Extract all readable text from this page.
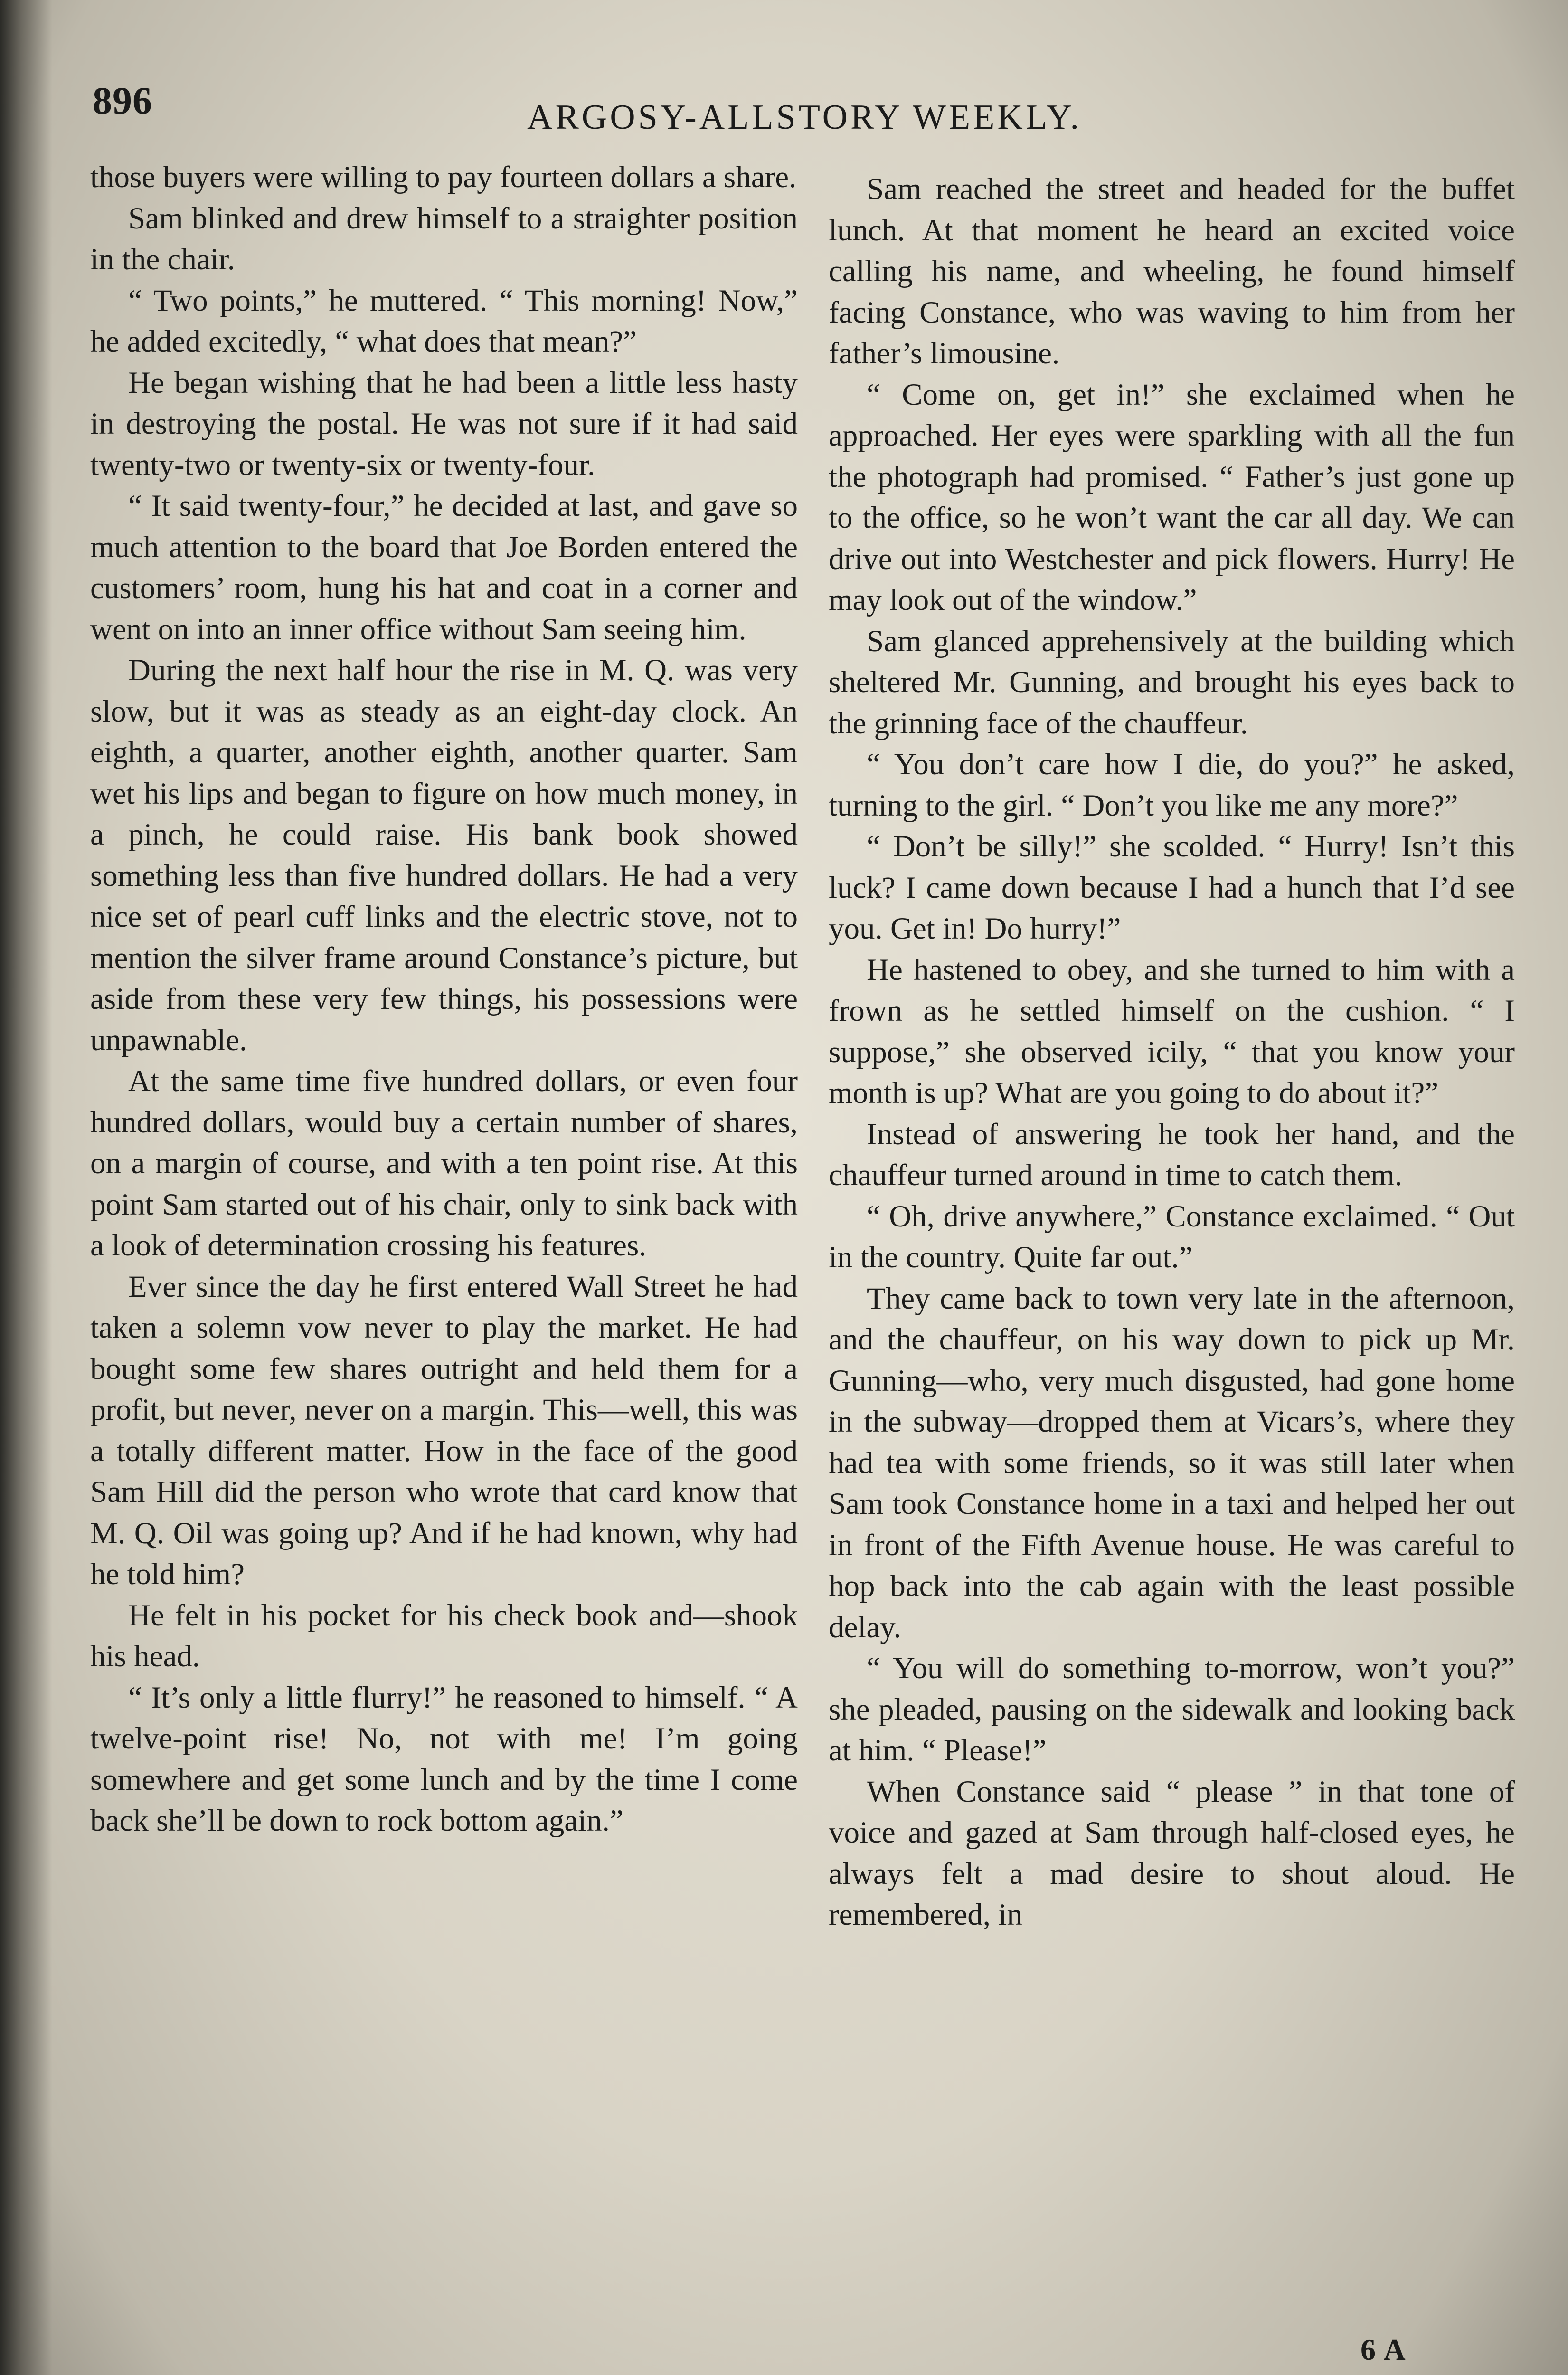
896	ARGOSY-ALLSTORY WEEKLY.

those buyers were willing to pay fourteen dollars a share.

Sam blinked and drew himself to a straighter position in the chair.

“ Two points,” he muttered. “ This morning! Now,” he added excitedly, “ what does that mean?”

He began wishing that he had been a little less hasty in destroying the postal. He was not sure if it had said twenty-two or twenty-six or twenty-four.

“ It said twenty-four,” he decided at last, and gave so much attention to the board that Joe Borden entered the customers’ room, hung his hat and coat in a corner and went on into an inner office without Sam seeing him.

During the next half hour the rise in M. Q. was very slow, but it was as steady as an eight-day clock. An eighth, a quarter, another eighth, another quarter. Sam wet his lips and began to figure on how much money, in a pinch, he could raise. His bank book showed something less than five hundred dollars. He had a very nice set of pearl cuff links and the electric stove, not to mention the silver frame around Constance’s picture, but aside from these very few things, his possessions were unpawnable.

At the same time five hundred dollars, or even four hundred dollars, would buy a certain number of shares, on a margin of course, and with a ten point rise. At this point Sam started out of his chair, only to sink back with a look of determination crossing his features.

Ever since the day he first entered Wall Street he had taken a solemn vow never to play the market. He had bought some few shares outright and held them for a profit, but never, never on a margin. This—well, this was a totally different matter. How in the face of the good Sam Hill did the person who wrote that card know that M. Q. Oil was going up? And if he had known, why had he told him?

He felt in his pocket for his check book and—shook his head.

“ It’s only a little flurry!” he reasoned to himself. “ A twelve-point rise! No, not with me! I’m going somewhere and get some lunch and by the time I come back she’ll be down to rock bottom again.”

Sam reached the street and headed for the buffet lunch. At that moment he heard an excited voice calling his name, and wheeling, he found himself facing Constance, who was waving to him from her father’s limousine.

“ Come on, get in!” she exclaimed when he approached. Her eyes were sparkling with all the fun the photograph had promised. “ Father’s just gone up to the office, so he won’t want the car all day. We can drive out into Westchester and pick flowers. Hurry! He may look out of the window.”

Sam glanced apprehensively at the building which sheltered Mr. Gunning, and brought his eyes back to the grinning face of the chauffeur.

“ You don’t care how I die, do you?” he asked, turning to the girl. “ Don’t you like me any more?”

“ Don’t be silly!” she scolded. “ Hurry! Isn’t this luck? I came down because I had a hunch that I’d see you. Get in! Do hurry!”

He hastened to obey, and she turned to him with a frown as he settled himself on the cushion. “ I suppose,” she observed icily, “ that you know your month is up? What are you going to do about it?”

Instead of answering he took her hand, and the chauffeur turned around in time to catch them.

“ Oh, drive anywhere,” Constance exclaimed. “ Out in the country. Quite far out.”

They came back to town very late in the afternoon, and the chauffeur, on his way down to pick up Mr. Gunning—who, very much disgusted, had gone home in the subway—dropped them at Vicars’s, where they had tea with some friends, so it was still later when Sam took Constance home in a taxi and helped her out in front of the Fifth Avenue house. He was careful to hop back into the cab again with the least possible delay.

“ You will do something to-morrow, won’t you?” she pleaded, pausing on the sidewalk and looking back at him. “ Please!”

When Constance said “ please ” in that tone of voice and gazed at Sam through half-closed eyes, he always felt a mad desire to shout aloud. He remembered, in

6 A
